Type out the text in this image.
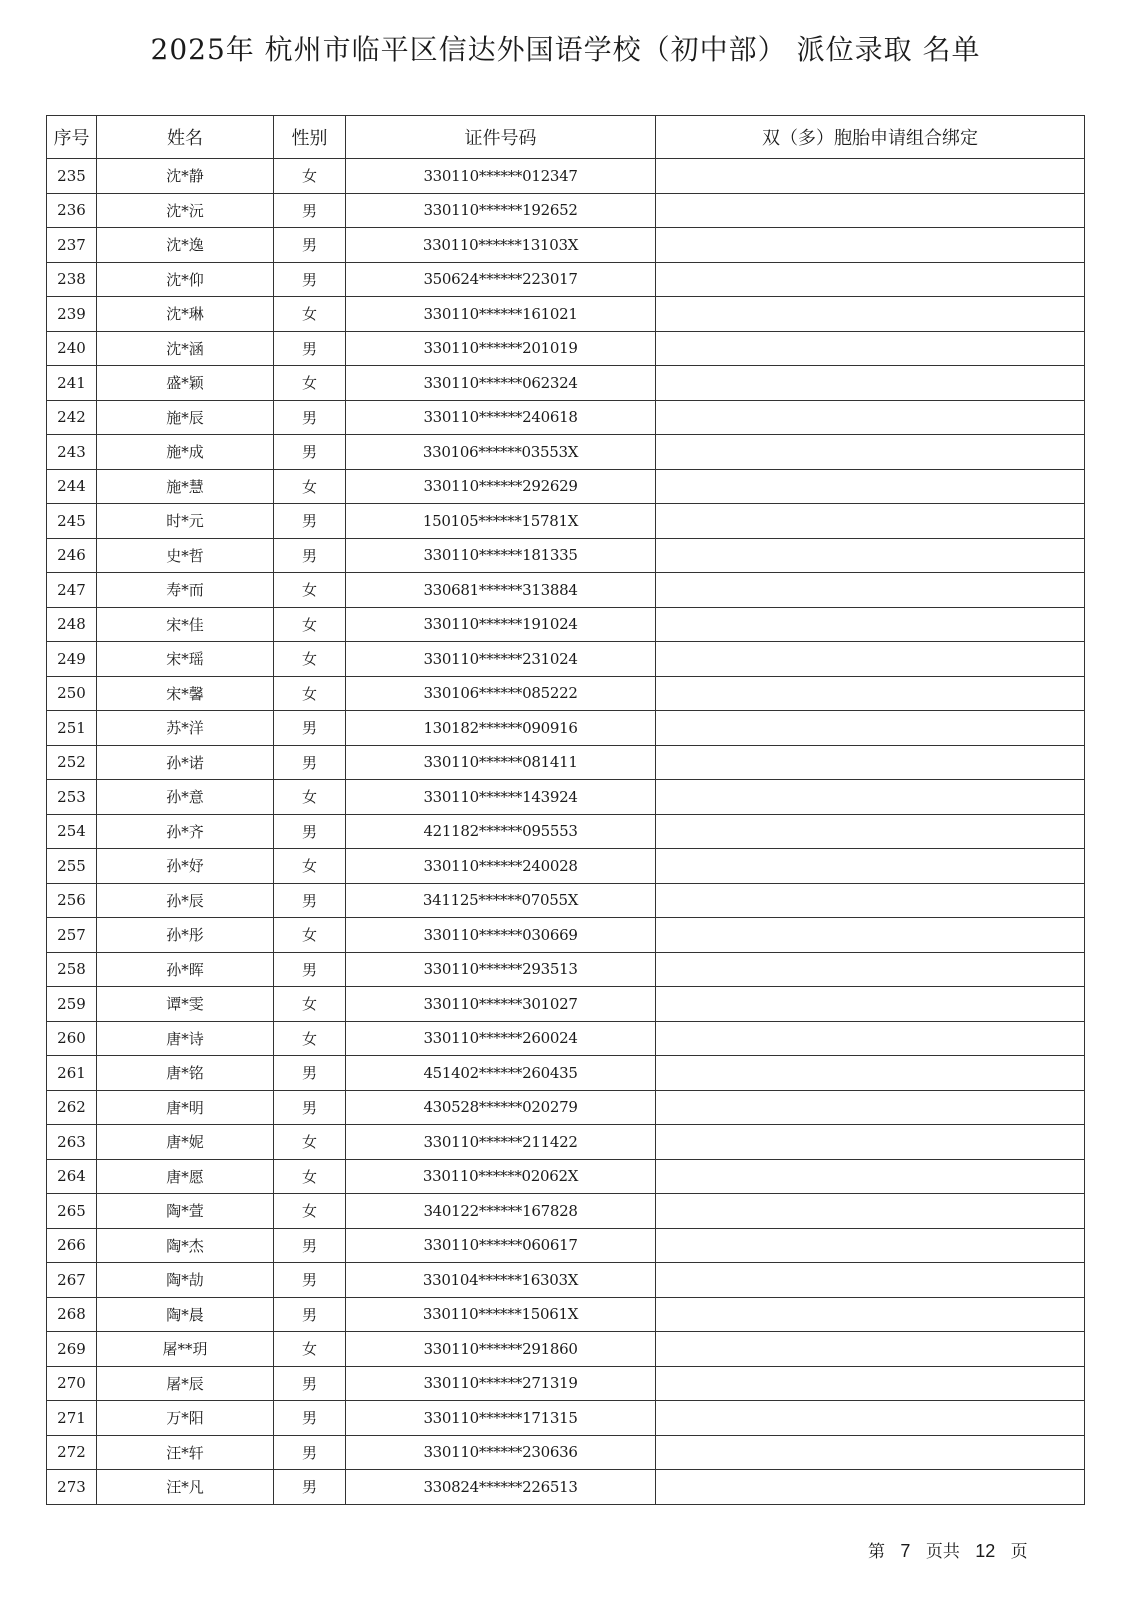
2025年 杭州市临平区信达外国语学校（初中部） 派位录取 名单
序号	姓名	性别	证件号码	双（多）胞胎申请组合绑定
235	沈*静	女	330110******012347	
236	沈*沅	男	330110******192652	
237	沈*逸	男	330110******13103X	
238	沈*仰	男	350624******223017	
239	沈*琳	女	330110******161021	
240	沈*涵	男	330110******201019	
241	盛*颖	女	330110******062324	
242	施*辰	男	330110******240618	
243	施*成	男	330106******03553X	
244	施*慧	女	330110******292629	
245	时*元	男	150105******15781X	
246	史*哲	男	330110******181335	
247	寿*而	女	330681******313884	
248	宋*佳	女	330110******191024	
249	宋*瑶	女	330110******231024	
250	宋*馨	女	330106******085222	
251	苏*洋	男	130182******090916	
252	孙*诺	男	330110******081411	
253	孙*意	女	330110******143924	
254	孙*齐	男	421182******095553	
255	孙*妤	女	330110******240028	
256	孙*辰	男	341125******07055X	
257	孙*彤	女	330110******030669	
258	孙*晖	男	330110******293513	
259	谭*雯	女	330110******301027	
260	唐*诗	女	330110******260024	
261	唐*铭	男	451402******260435	
262	唐*明	男	430528******020279	
263	唐*妮	女	330110******211422	
264	唐*愿	女	330110******02062X	
265	陶*萱	女	340122******167828	
266	陶*杰	男	330110******060617	
267	陶*劼	男	330104******16303X	
268	陶*晨	男	330110******15061X	
269	屠**玥	女	330110******291860	
270	屠*辰	男	330110******271319	
271	万*阳	男	330110******171315	
272	汪*轩	男	330110******230636	
273	汪*凡	男	330824******226513	
第 7 页共 12 页
